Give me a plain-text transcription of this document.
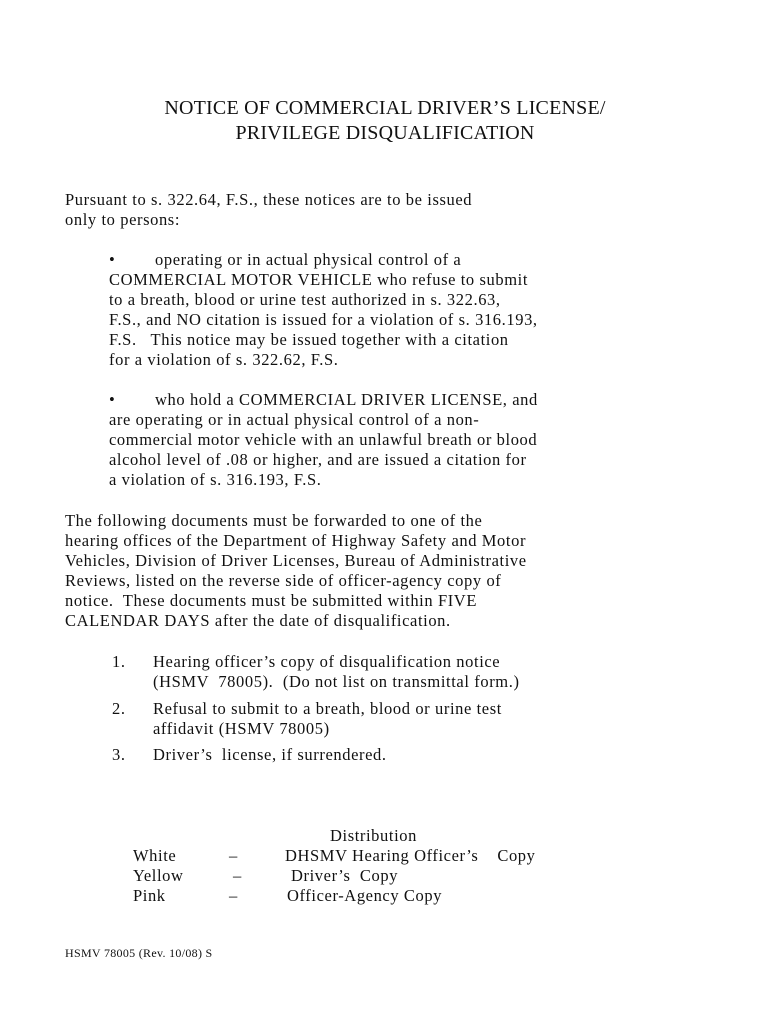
NOTICE OF COMMERCIAL DRIVER’S LICENSE/
PRIVILEGE DISQUALIFICATION

Pursuant to s. 322.64, F.S., these notices are to be issued

only to persons:

• operating or in actual physical control of a

COMMERCIAL MOTOR VEHICLE who refuse to submit

to a breath, blood or urine test authorized in s. 322.63,

F.S., and NO citation is issued for a violation of s. 316.193,

F.S.   This notice may be issued together with a citation

for a violation of s. 322.62, F.S.

• who hold a COMMERCIAL DRIVER LICENSE, and

are operating or in actual physical control of a non-

commercial motor vehicle with an unlawful breath or blood

alcohol level of .08 or higher, and are issued a citation for

a violation of s. 316.193, F.S.

The following documents must be forwarded to one of the

hearing offices of the Department of Highway Safety and Motor

Vehicles, Division of Driver Licenses, Bureau of Administrative

Reviews, listed on the reverse side of officer-agency copy of

notice.  These documents must be submitted within FIVE

CALENDAR DAYS after the date of disqualification.

1.	Hearing officer’s copy of disqualification notice
(HSMV  78005).  (Do not list on transmittal form.)
2.	Refusal to submit to a breath, blood or urine test
affidavit (HSMV 78005)
3.	Driver’s  license, if surrendered.
Distribution
White	–	DHSMV Hearing Officer’s    Copy
Yellow	–	Driver’s  Copy
Pink	–	Officer-Agency Copy
HSMV 78005 (Rev. 10/08) S
